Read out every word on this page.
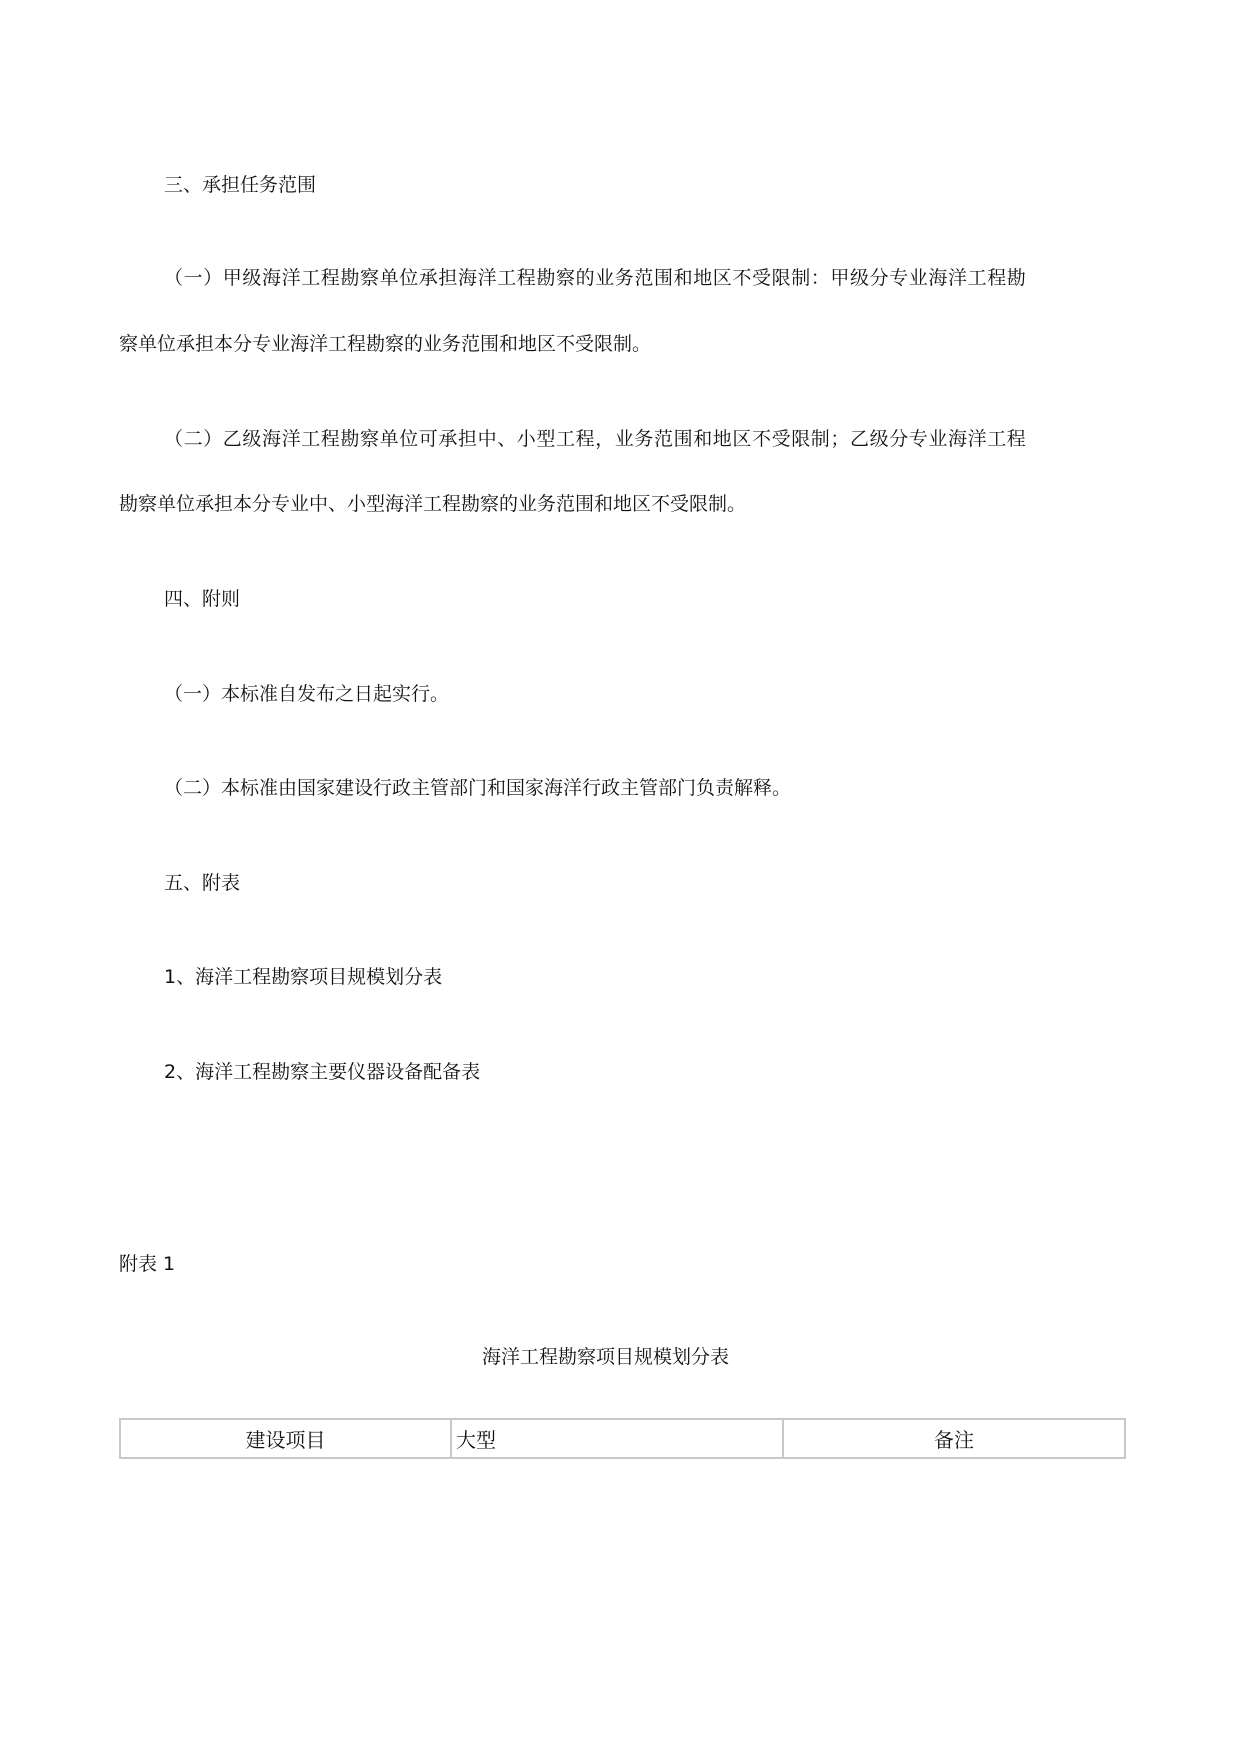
三、承担任务范围
（一）甲级海洋工程勘察单位承担海洋工程勘察的业务范围和地区不受限制：甲级分专业海洋工程勘
察单位承担本分专业海洋工程勘察的业务范围和地区不受限制。
（二）乙级海洋工程勘察单位可承担中、小型工程，业务范围和地区不受限制；乙级分专业海洋工程
勘察单位承担本分专业中、小型海洋工程勘察的业务范围和地区不受限制。
四、附则
（一）本标准自发布之日起实行。
（二）本标准由国家建设行政主管部门和国家海洋行政主管部门负责解释。
五、附表
1、海洋工程勘察项目规模划分表
2、海洋工程勘察主要仪器设备配备表
附表 1
海洋工程勘察项目规模划分表
建设项目	大型	备注
